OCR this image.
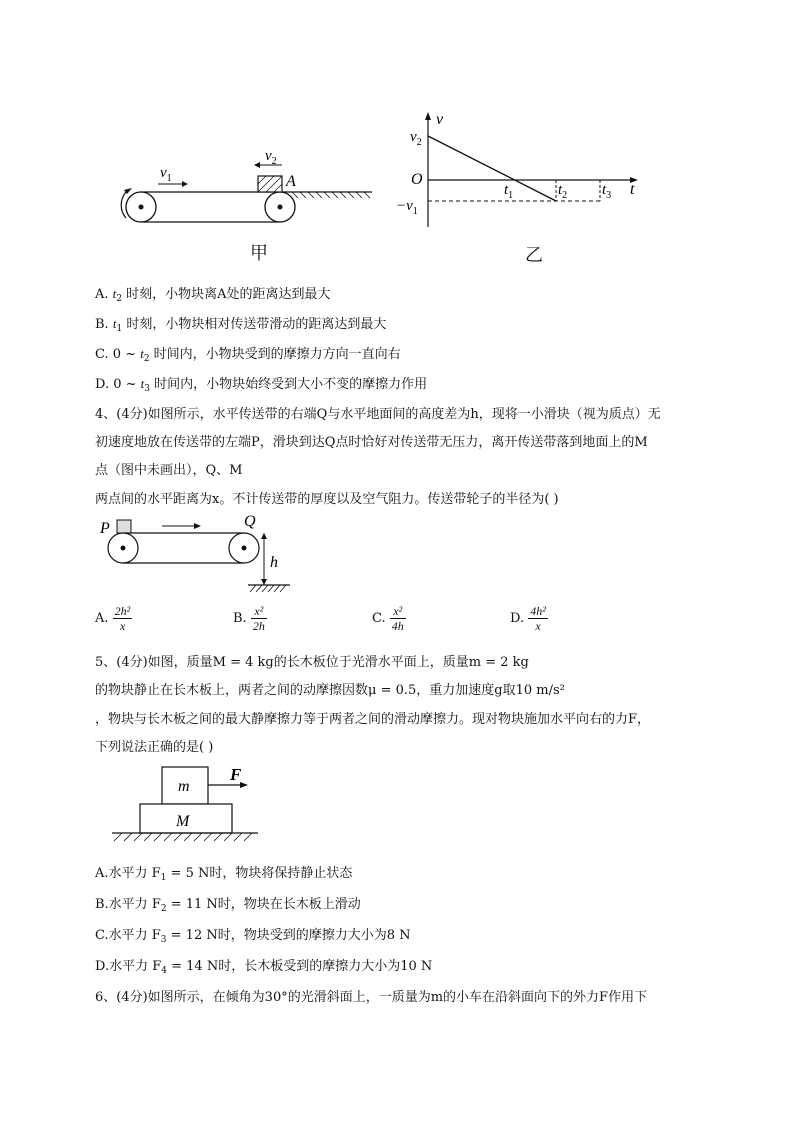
$v_1$
$v_2$
A
甲
v
t
O
$v_2$
$-v_1$
$t_1$	$t_2$ $t_3$
乙
A. $t_2$ 时刻，小物块离A处的距离达到最大
B. $t_1$ 时刻，小物块相对传送带滑动的距离达到最大
C. 0 ~ $t_2$ 时间内，小物块受到的摩擦力方向一直向右
D. 0 ~ $t_3$ 时间内，小物块始终受到大小不变的摩擦力作用
4、(4分)如图所示，水平传送带的右端Q与水平地面间的高度差为h，现将一小滑块（视为质点）无
初速度地放在传送带的左端P，滑块到达Q点时恰好对传送带无压力，离开传送带落到地面上的M
点（图中未画出），Q、M
两点间的水平距离为x。不计传送带的厚度以及空气阻力。传送带轮子的半径为( )
P	Q
h
A. $\frac{\text{2h²}}{x}$	B. $\frac{\text{x²}}{2h}$	C. $\frac{\text{x²}}{4h}$	D. $\frac{\text{4h²}}{x}$
5、(4分)如图，质量M = 4 kg的长木板位于光滑水平面上，质量m = 2 kg
的物块静止在长木板上，两者之间的动摩擦因数μ = 0.5，重力加速度g取10 m/s²
，物块与长木板之间的最大静摩擦力等于两者之间的滑动摩擦力。现对物块施加水平向右的力F，
下列说法正确的是( )
m
M
F
A.水平力 $F_1 = 5$ N时，物块将保持静止状态
B.水平力 $F_2 = 11$ N时，物块在长木板上滑动
C.水平力 $F_3 = 12$ N时，物块受到的摩擦力大小为8 N
D.水平力 $F_4 = 14$ N时，长木板受到的摩擦力大小为10 N
6、(4分)如图所示，在倾角为30°的光滑斜面上，一质量为m的小车在沿斜面向下的外力F作用下
